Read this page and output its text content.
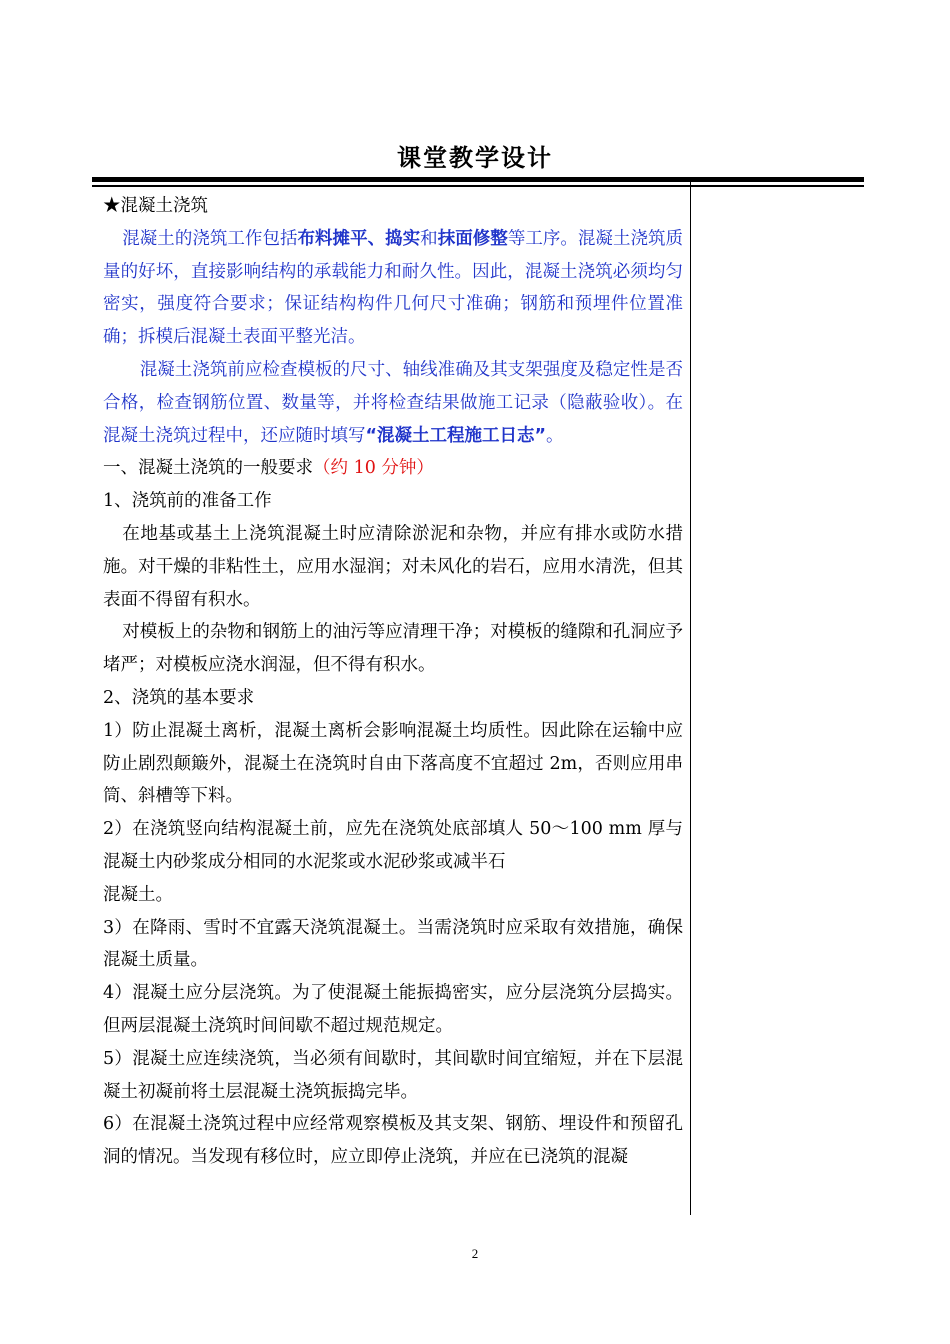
课堂教学设计

★混凝土浇筑

混凝土的浇筑工作包括布料摊平、捣实和抹面修整等工序。混凝土浇筑质量的好坏，直接影响结构的承载能力和耐久性。因此，混凝土浇筑必须均匀密实，强度符合要求；保证结构构件几何尺寸准确；钢筋和预埋件位置准确；拆模后混凝土表面平整光洁。

混凝土浇筑前应检查模板的尺寸、轴线准确及其支架强度及稳定性是否合格，检查钢筋位置、数量等，并将检查结果做施工记录（隐蔽验收）。在混凝土浇筑过程中，还应随时填写“混凝土工程施工日志”。

一、混凝土浇筑的一般要求（约 10 分钟）

1、浇筑前的准备工作

在地基或基土上浇筑混凝土时应清除淤泥和杂物，并应有排水或防水措施。对干燥的非粘性土，应用水湿润；对未风化的岩石，应用水清洗，但其表面不得留有积水。

对模板上的杂物和钢筋上的油污等应清理干净；对模板的缝隙和孔洞应予堵严；对模板应浇水润湿，但不得有积水。

2、浇筑的基本要求

1）防止混凝土离析，混凝土离析会影响混凝土均质性。因此除在运输中应防止剧烈颠簸外，混凝土在浇筑时自由下落高度不宜超过 2m，否则应用串筒、斜槽等下料。

2）在浇筑竖向结构混凝土前，应先在浇筑处底部填人 50～100 mm 厚与混凝土内砂浆成分相同的水泥浆或水泥砂浆或减半石

混凝土。

3）在降雨、雪时不宜露天浇筑混凝土。当需浇筑时应采取有效措施，确保混凝土质量。

4）混凝土应分层浇筑。为了使混凝土能振捣密实，应分层浇筑分层捣实。但两层混凝土浇筑时间间歇不超过规范规定。

5）混凝土应连续浇筑，当必须有间歇时，其间歇时间宜缩短，并在下层混凝土初凝前将土层混凝土浇筑振捣完毕。

6）在混凝土浇筑过程中应经常观察模板及其支架、钢筋、埋设件和预留孔洞的情况。当发现有移位时，应立即停止浇筑，并应在已浇筑的混凝

2
